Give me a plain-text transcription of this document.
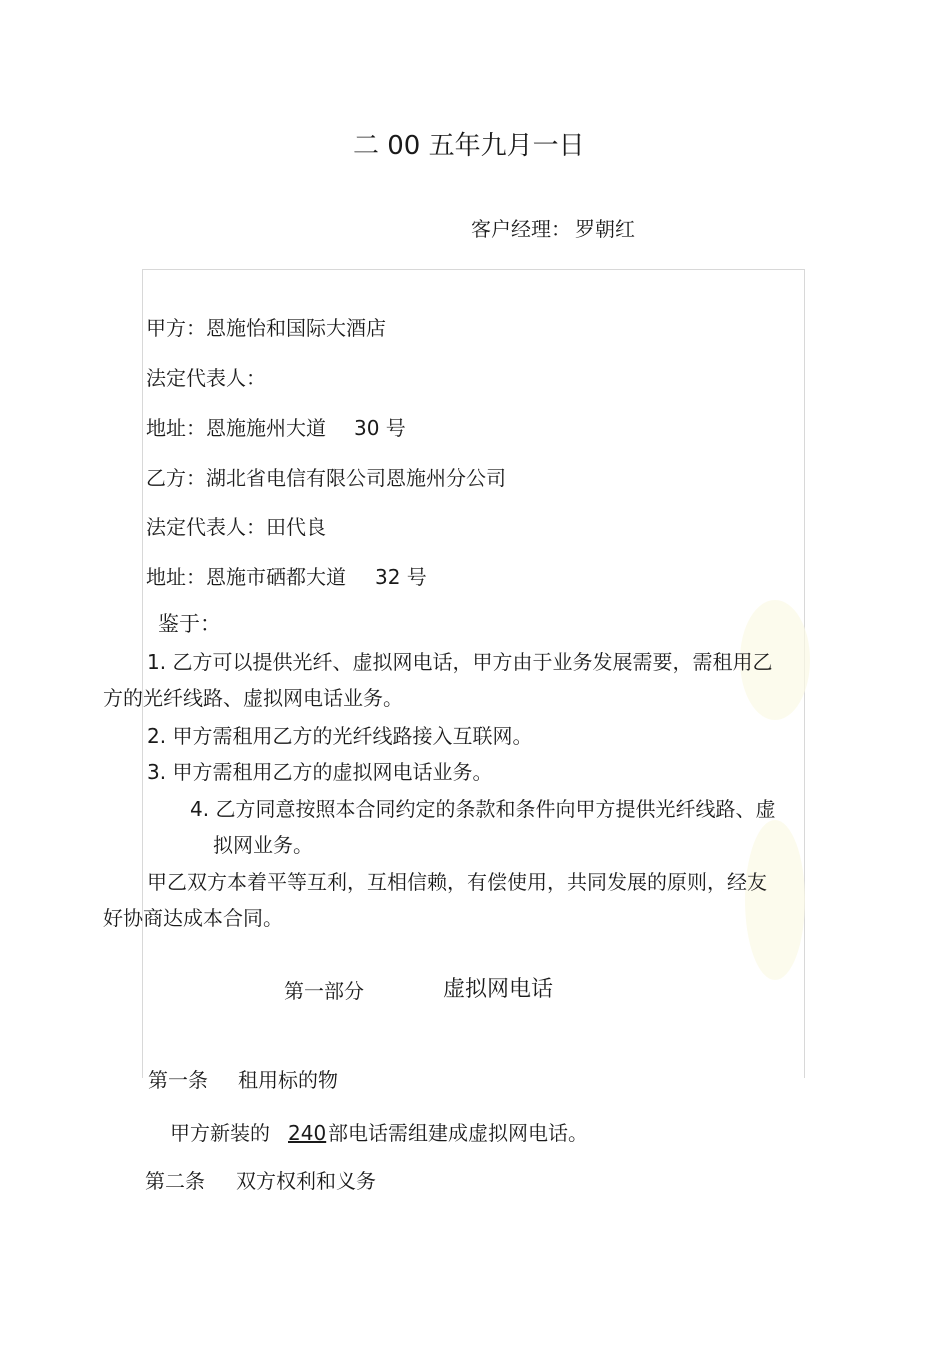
二 00 五年九月一日
客户经理： 罗朝红
甲方：恩施怡和国际大酒店
法定代表人：
地址：恩施施州大道 30 号
乙方：湖北省电信有限公司恩施州分公司
法定代表人：田代良
地址：恩施市硒都大道 32 号
鉴于：
1. 乙方可以提供光纤、虚拟网电话，甲方由于业务发展需要，需租用乙
方的光纤线路、虚拟网电话业务。
2. 甲方需租用乙方的光纤线路接入互联网。
3. 甲方需租用乙方的虚拟网电话业务。
4. 乙方同意按照本合同约定的条款和条件向甲方提供光纤线路、虚
拟网业务。
甲乙双方本着平等互利，互相信赖，有偿使用，共同发展的原则，经友
好协商达成本合同。
第一部分	虚拟网电话
第一条 租用标的物
甲方新装的 240 部电话需组建成虚拟网电话。
第二条 双方权利和义务
